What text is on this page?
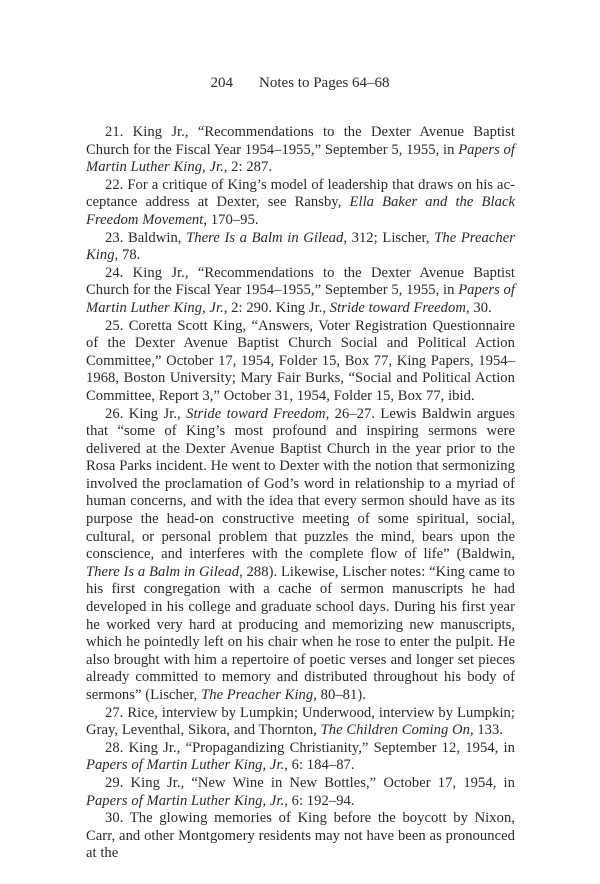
204 Notes to Pages 64–68

21. King Jr., “Recommendations to the Dexter Avenue Baptist Church for the Fiscal Year 1954–1955,” September 5, 1955, in Papers of Martin Luther King, Jr., 2: 287.

22. For a critique of King’s model of leadership that draws on his acceptance address at Dexter, see Ransby, Ella Baker and the Black Freedom Movement, 170–95.

23. Baldwin, There Is a Balm in Gilead, 312; Lischer, The Preacher King, 78.

24. King Jr., “Recommendations to the Dexter Avenue Baptist Church for the Fiscal Year 1954–1955,” September 5, 1955, in Papers of Martin Luther King, Jr., 2: 290. King Jr., Stride toward Freedom, 30.

25. Coretta Scott King, “Answers, Voter Registration Questionnaire of the Dexter Avenue Baptist Church Social and Political Action Committee,” October 17, 1954, Folder 15, Box 77, King Papers, 1954–1968, Boston University; Mary Fair Burks, “Social and Political Action Committee, Report 3,” October 31, 1954, Folder 15, Box 77, ibid.

26. King Jr., Stride toward Freedom, 26–27. Lewis Baldwin argues that “some of King’s most profound and inspiring sermons were delivered at the Dexter Avenue Baptist Church in the year prior to the Rosa Parks incident. He went to Dexter with the notion that sermonizing involved the proclamation of God’s word in relationship to a myriad of human concerns, and with the idea that every sermon should have as its purpose the head-on constructive meeting of some spiritual, social, cultural, or personal problem that puzzles the mind, bears upon the conscience, and interferes with the complete flow of life” (Baldwin, There Is a Balm in Gilead, 288). Likewise, Lischer notes: “King came to his first congregation with a cache of sermon manuscripts he had developed in his college and graduate school days. During his first year he worked very hard at producing and memorizing new manuscripts, which he pointedly left on his chair when he rose to enter the pulpit. He also brought with him a repertoire of poetic verses and longer set pieces already committed to memory and distributed throughout his body of sermons” (Lischer, The Preacher King, 80–81).

27. Rice, interview by Lumpkin; Underwood, interview by Lumpkin; Gray, Leventhal, Sikora, and Thornton, The Children Coming On, 133.

28. King Jr., “Propagandizing Christianity,” September 12, 1954, in Papers of Martin Luther King, Jr., 6: 184–87.

29. King Jr., “New Wine in New Bottles,” October 17, 1954, in Papers of Martin Luther King, Jr., 6: 192–94.

30. The glowing memories of King before the boycott by Nixon, Carr, and other Montgomery residents may not have been as pronounced at the
